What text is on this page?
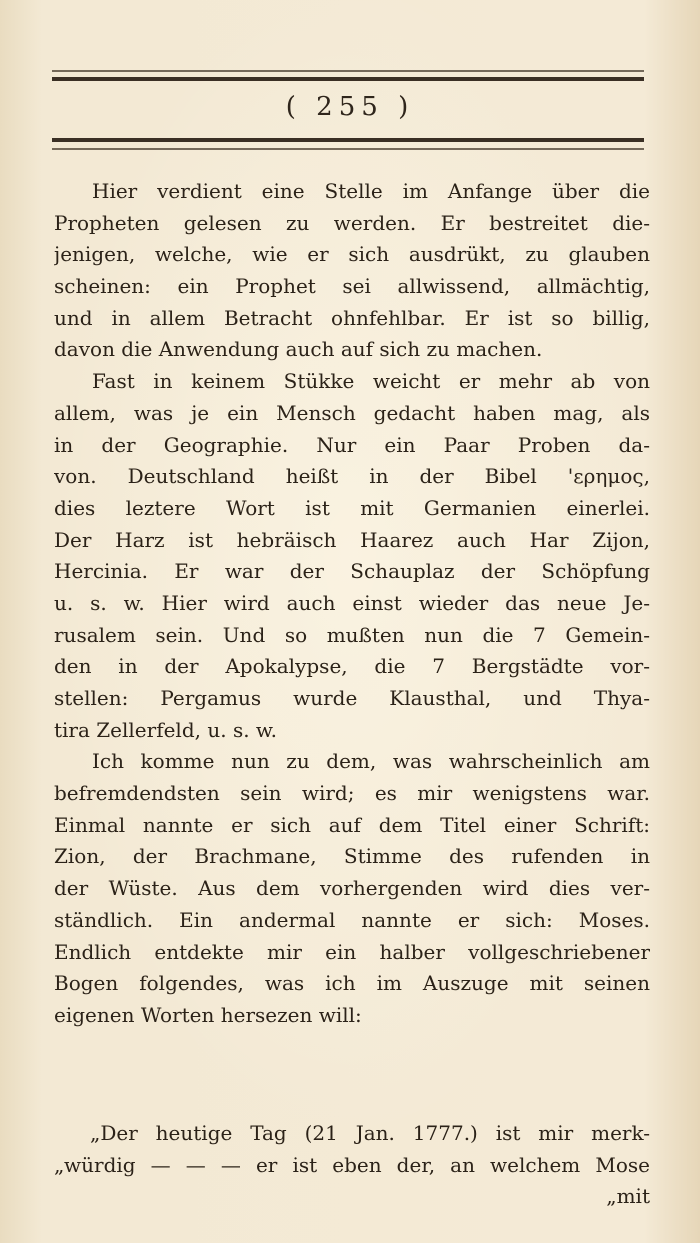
( 255 )
Hier verdient eine Stelle im Anfange über die
Propheten gelesen zu werden. Er bestreitet die-
jenigen, welche, wie er sich ausdrükt, zu glauben
scheinen: ein Prophet sei allwissend, allmächtig,
und in allem Betracht ohnfehlbar. Er ist so billig,
davon die Anwendung auch auf sich zu machen.
Fast in keinem Stükke weicht er mehr ab von
allem, was je ein Mensch gedacht haben mag, als
in der Geographie. Nur ein Paar Proben da-
von. Deutschland heißt in der Bibel 'ερημος,
dies leztere Wort ist mit Germanien einerlei.
Der Harz ist hebräisch Haarez auch Har Zijon,
Hercinia. Er war der Schauplaz der Schöpfung
u. s. w. Hier wird auch einst wieder das neue Je-
rusalem sein. Und so mußten nun die 7 Gemein-
den in der Apokalypse, die 7 Bergstädte vor-
stellen: Pergamus wurde Klausthal, und Thya-
tira Zellerfeld, u. s. w.
Ich komme nun zu dem, was wahrscheinlich am
befremdendsten sein wird; es mir wenigstens war.
Einmal nannte er sich auf dem Titel einer Schrift:
Zion, der Brachmane, Stimme des rufenden in
der Wüste. Aus dem vorhergenden wird dies ver-
ständlich. Ein andermal nannte er sich: Moses.
Endlich entdekte mir ein halber vollgeschriebener
Bogen folgendes, was ich im Auszuge mit seinen
eigenen Worten hersezen will:
„Der heutige Tag (21 Jan. 1777.) ist mir merk-
„würdig — — — er ist eben der, an welchem Mose
„mit
